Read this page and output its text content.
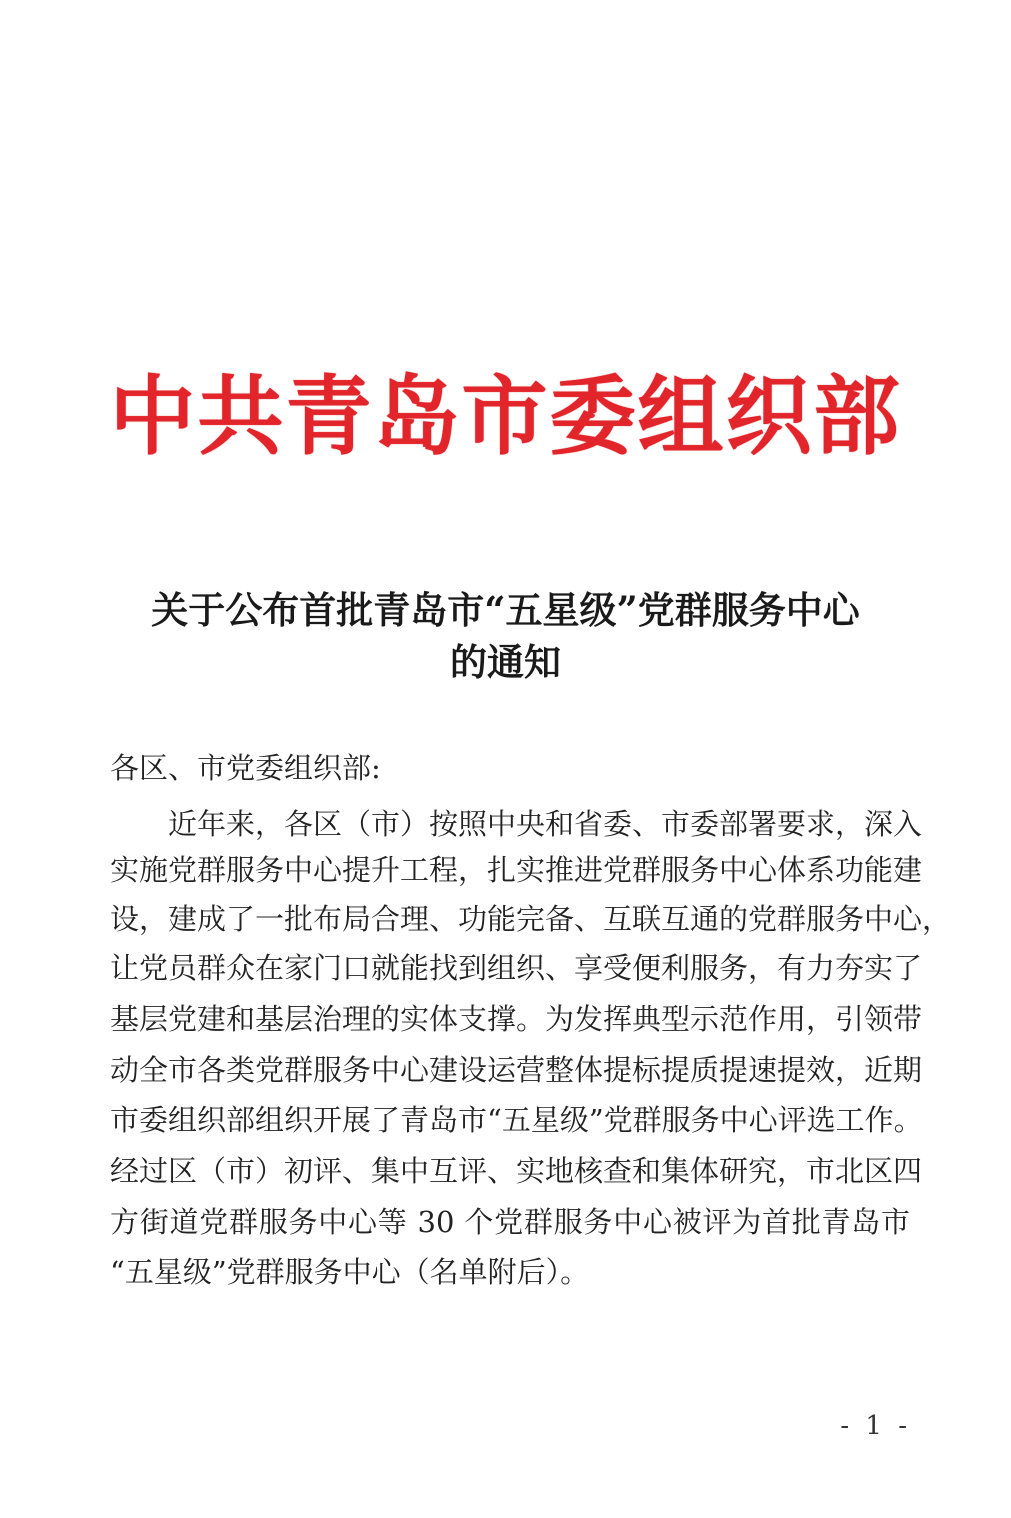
中共青岛市委组织部
关于公布首批青岛市“五星级”党群服务中心
的通知
各区、市党委组织部:
近年来，各区（市）按照中央和省委、市委部署要求，深入
实施党群服务中心提升工程，扎实推进党群服务中心体系功能建
设，建成了一批布局合理、功能完备、互联互通的党群服务中心，
让党员群众在家门口就能找到组织、享受便利服务，有力夯实了
基层党建和基层治理的实体支撑。为发挥典型示范作用，引领带
动全市各类党群服务中心建设运营整体提标提质提速提效，近期
市委组织部组织开展了青岛市“五星级”党群服务中心评选工作。
经过区（市）初评、集中互评、实地核查和集体研究，市北区四
方街道党群服务中心等 30 个党群服务中心被评为首批青岛市
“五星级”党群服务中心（名单附后）。
- 1 -
